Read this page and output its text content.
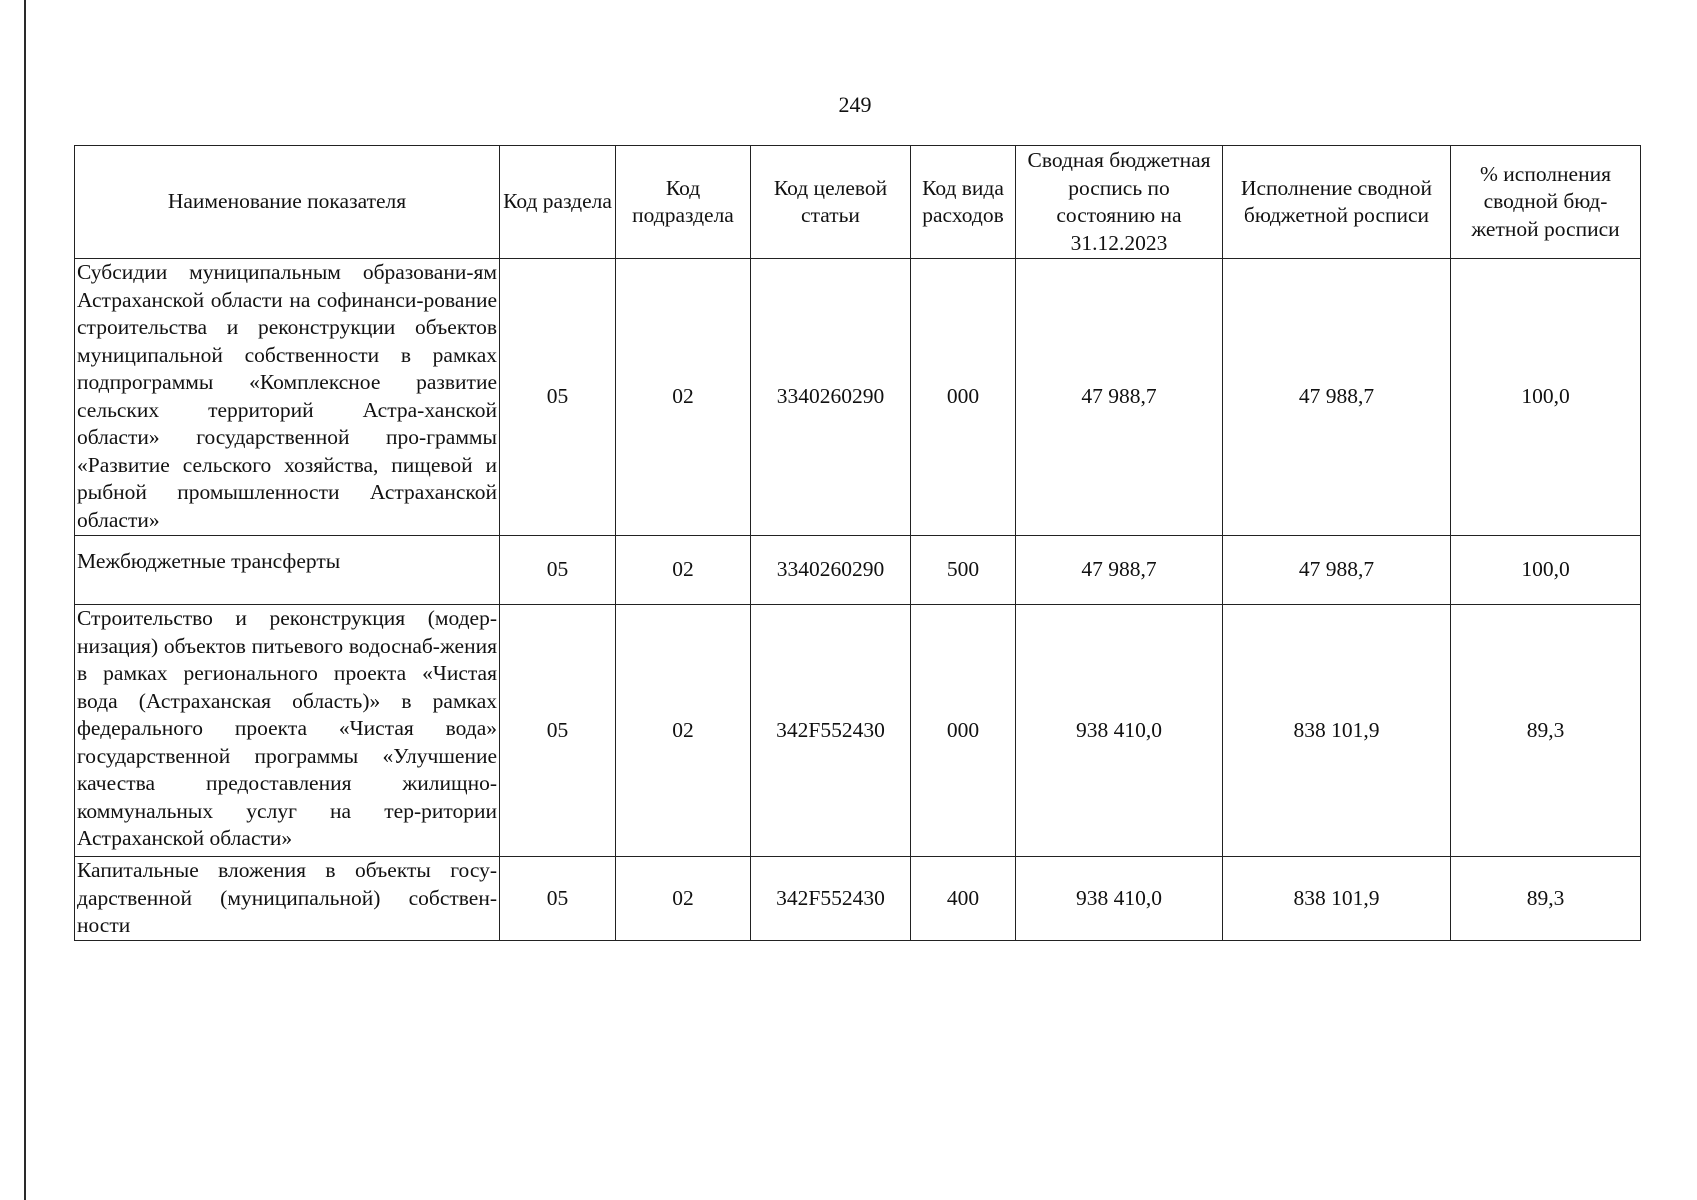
249
Наименование показателя	Код раздела	Код подраздела	Код целевой статьи	Код вида расходов	Сводная бюджетная роспись по состоянию на 31.12.2023	Исполнение сводной бюджетной росписи	% исполнения сводной бюд-жетной росписи
Субсидии муниципальным образовани-ям Астраханской области на софинанси-рование строительства и реконструкции объектов муниципальной собственности в рамках подпрограммы «Комплексное развитие сельских территорий Астра-ханской области» государственной про-граммы «Развитие сельского хозяйства, пищевой и рыбной промышленности Астраханской области»	05	02	3340260290	000	47 988,7	47 988,7	100,0
Межбюджетные трансферты	05	02	3340260290	500	47 988,7	47 988,7	100,0
Строительство и реконструкция (модер-низация) объектов питьевого водоснаб-жения в рамках регионального проекта «Чистая вода (Астраханская область)» в рамках федерального проекта «Чистая вода» государственной программы «Улучшение качества предоставления жилищно-коммунальных услуг на тер-ритории Астраханской области»	05	02	342F552430	000	938 410,0	838 101,9	89,3
Капитальные вложения в объекты госу-дарственной (муниципальной) собствен-ности	05	02	342F552430	400	938 410,0	838 101,9	89,3
